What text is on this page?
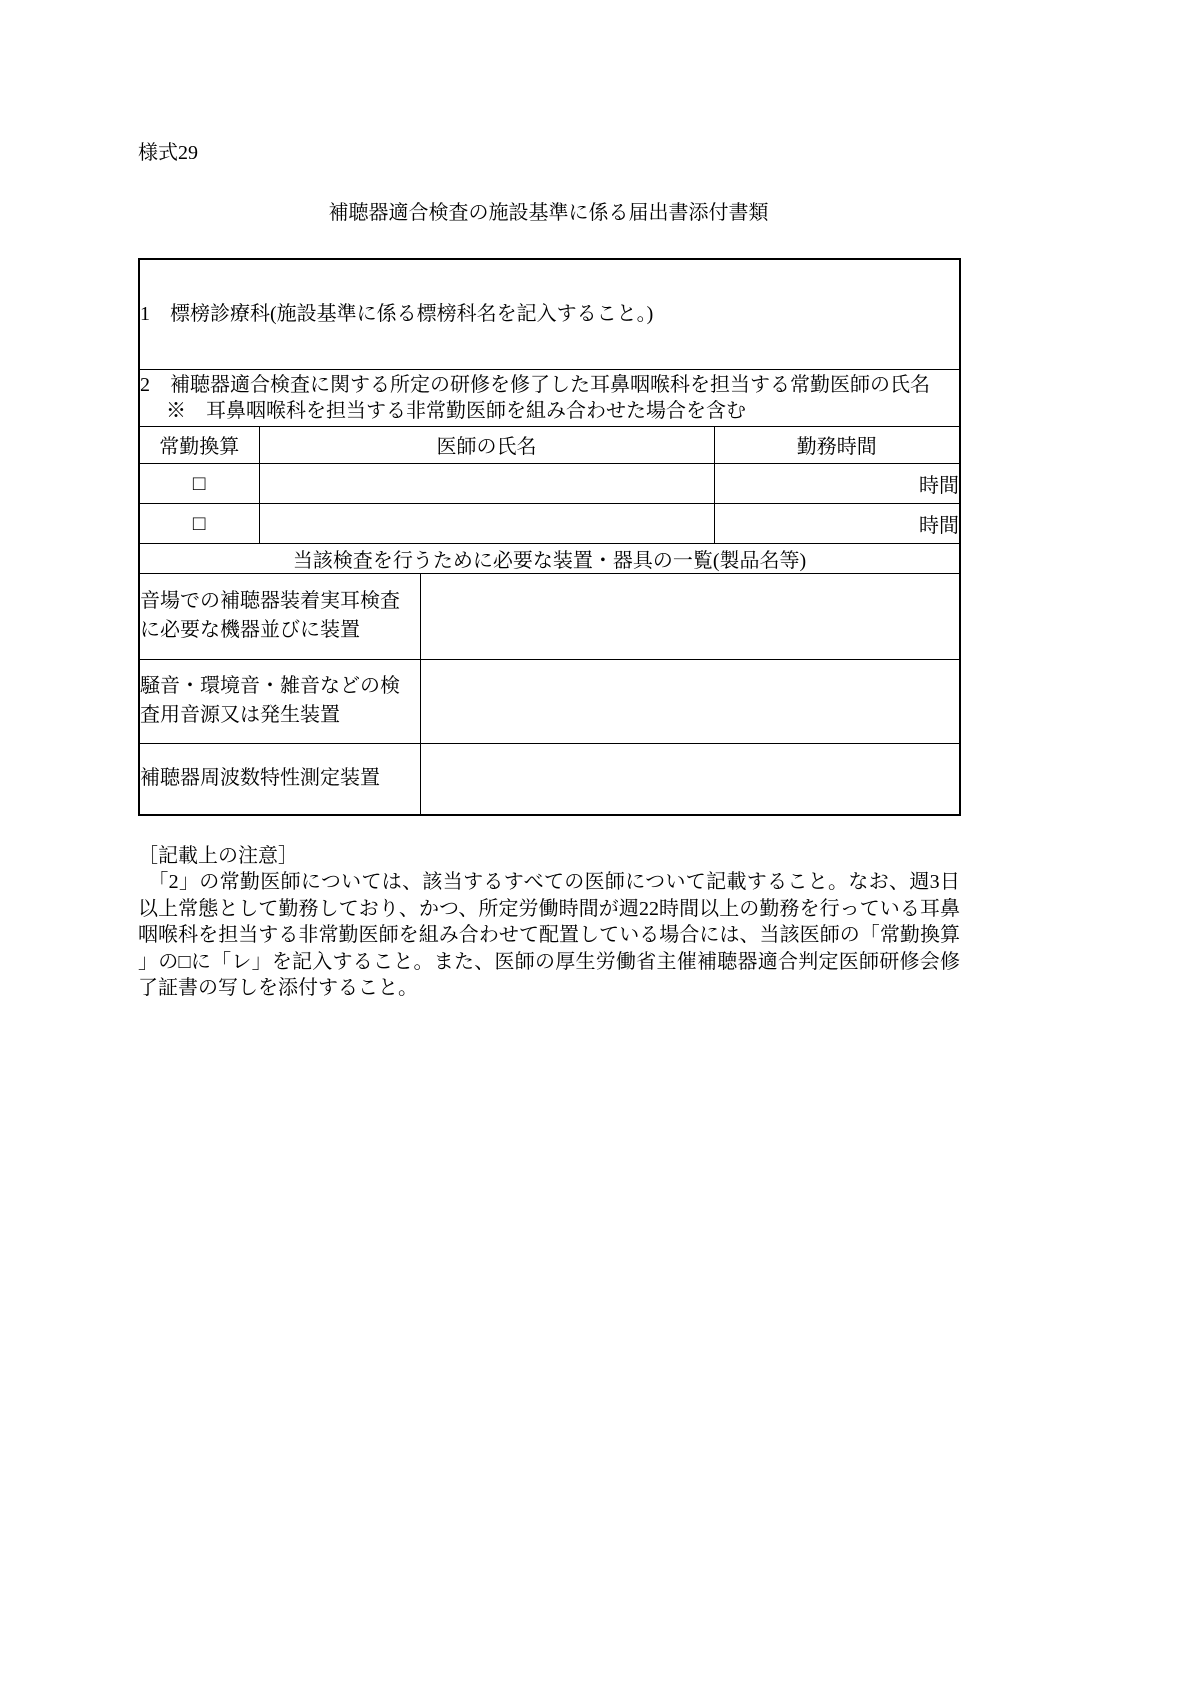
様式29
補聴器適合検査の施設基準に係る届出書添付書類
1　標榜診療科(施設基準に係る標榜科名を記入すること。)			

2　補聴器適合検査に関する所定の研修を修了した耳鼻咽喉科を担当する常勤医師の氏名
※　耳鼻咽喉科を担当する非常勤医師を組み合わせた場合を含む			

常勤換算	医師の氏名		勤務時間
□			時間
□			時間
当該検査を行うために必要な装置・器具の一覧(製品名等)			
音場での補聴器装着実耳検査に必要な機器並びに装置			
騒音・環境音・雑音などの検査用音源又は発生装置			
補聴器周波数特性測定装置			
［記載上の注意］
　「2」の常勤医師については、該当するすべての医師について記載すること。なお、週3日以上常態として勤務しており、かつ、所定労働時間が週22時間以上の勤務を行っている耳鼻咽喉科を担当する非常勤医師を組み合わせて配置している場合には、当該医師の「常勤換算」の□に「レ」を記入すること。また、医師の厚生労働省主催補聴器適合判定医師研修会修了証書の写しを添付すること。
